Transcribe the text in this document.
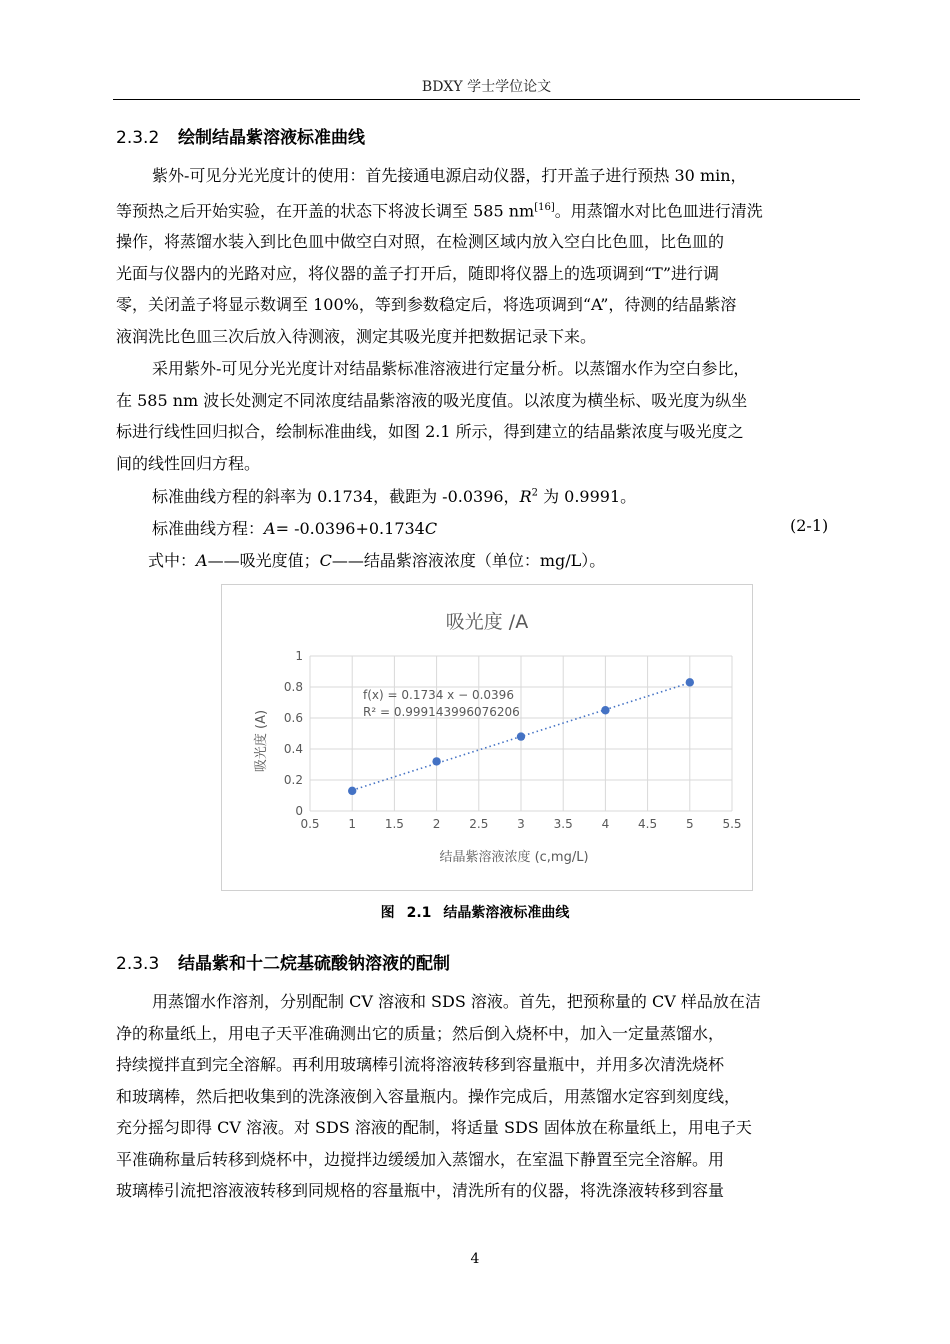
BDXY 学士学位论文
2.3.2 绘制结晶紫溶液标准曲线
紫外-可见分光光度计的使用：首先接通电源启动仪器，打开盖子进行预热 30 min，
等预热之后开始实验，在开盖的状态下将波长调至 585 nm[16]。用蒸馏水对比色皿进行清洗
操作，将蒸馏水装入到比色皿中做空白对照，在检测区域内放入空白比色皿，比色皿的
光面与仪器内的光路对应，将仪器的盖子打开后，随即将仪器上的选项调到“T”进行调
零，关闭盖子将显示数调至 100%，等到参数稳定后，将选项调到“A”，待测的结晶紫溶
液润洗比色皿三次后放入待测液，测定其吸光度并把数据记录下来。
采用紫外-可见分光光度计对结晶紫标准溶液进行定量分析。以蒸馏水作为空白参比，
在 585 nm 波长处测定不同浓度结晶紫溶液的吸光度值。以浓度为横坐标、吸光度为纵坐
标进行线性回归拟合，绘制标准曲线，如图 2.1 所示，得到建立的结晶紫浓度与吸光度之
间的线性回归方程。
标准曲线方程的斜率为 0.1734，截距为 -0.0396，$R^2$ 为 0.9991。
标准曲线方程：A= -0.0396+0.1734C	(2-1)
式中：A——吸光度值；C——结晶紫溶液浓度（单位：mg/L）。
吸光度 /A
0.5 1 1.5 2 2.5 3 3.5 4 4.5 5 5.5
0
0.2
0.4
0.6
0.8
1
f(x) = 0.1734 x − 0.0396
R² = 0.999143996076206
结晶紫溶液浓度 (c,mg/L)
吸光度 (A)
图 2.1 结晶紫溶液标准曲线
2.3.3 结晶紫和十二烷基硫酸钠溶液的配制
用蒸馏水作溶剂，分别配制 CV 溶液和 SDS 溶液。首先，把预称量的 CV 样品放在洁
净的称量纸上，用电子天平准确测出它的质量；然后倒入烧杯中，加入一定量蒸馏水，
持续搅拌直到完全溶解。再利用玻璃棒引流将溶液转移到容量瓶中，并用多次清洗烧杯
和玻璃棒，然后把收集到的洗涤液倒入容量瓶内。操作完成后，用蒸馏水定容到刻度线，
充分摇匀即得 CV 溶液。对 SDS 溶液的配制，将适量 SDS 固体放在称量纸上，用电子天
平准确称量后转移到烧杯中，边搅拌边缓缓加入蒸馏水，在室温下静置至完全溶解。用
玻璃棒引流把溶液液转移到同规格的容量瓶中，清洗所有的仪器，将洗涤液转移到容量
4
